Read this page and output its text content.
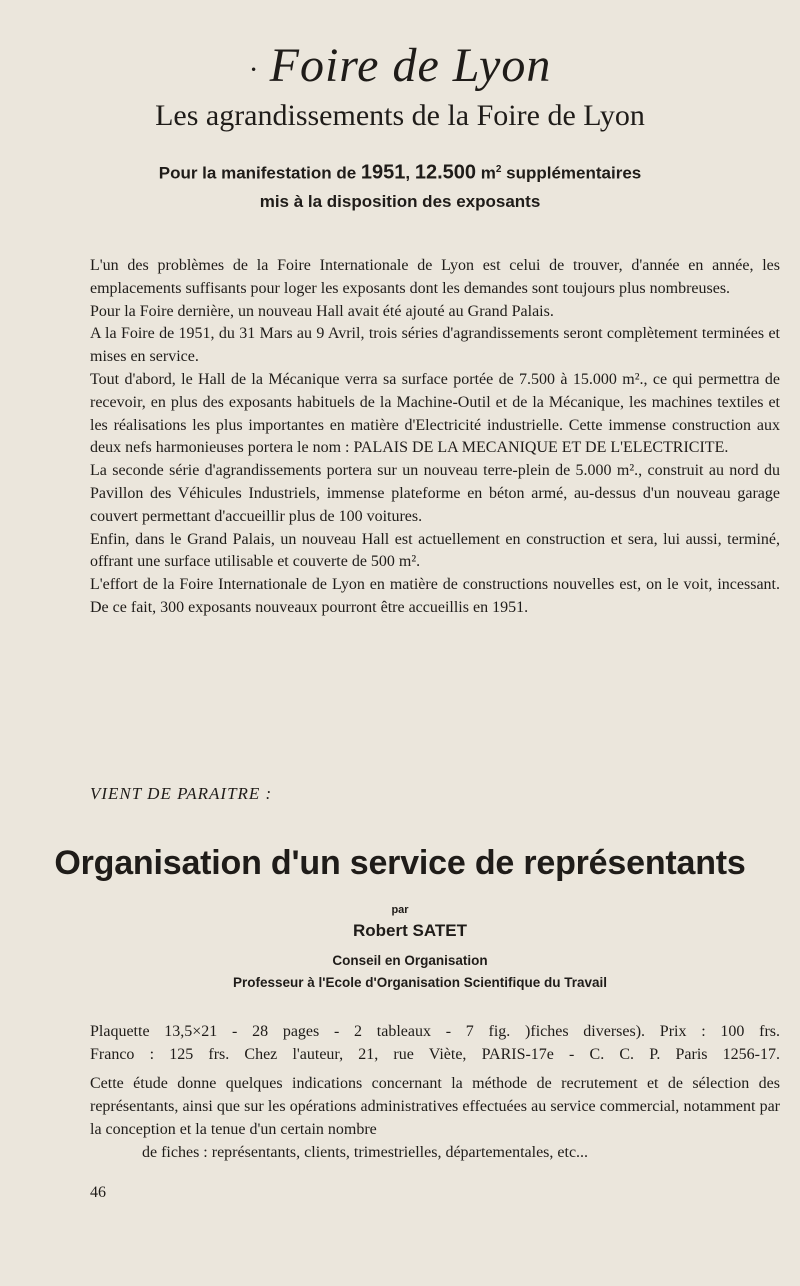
· Foire de Lyon
Les agrandissements de la Foire de Lyon
Pour la manifestation de 1951, 12.500 $m^2$ supplémentaires
mis à la disposition des exposants

L'un des problèmes de la Foire Internationale de Lyon est celui de trouver, d'année en année, les emplacements suffisants pour loger les exposants dont les demandes sont toujours plus nombreuses.

Pour la Foire dernière, un nouveau Hall avait été ajouté au Grand Palais.

A la Foire de 1951, du 31 Mars au 9 Avril, trois séries d'agrandissements seront complètement terminées et mises en service.

Tout d'abord, le Hall de la Mécanique verra sa surface portée de 7.500 à 15.000 m²., ce qui permettra de recevoir, en plus des exposants habituels de la Machine-Outil et de la Mécanique, les machines textiles et les réalisations les plus importantes en matière d'Electricité industrielle. Cette immense construction aux deux nefs harmonieuses portera le nom : PALAIS DE LA MECANIQUE ET DE L'ELECTRICITE.

La seconde série d'agrandissements portera sur un nouveau terre-plein de 5.000 m²., construit au nord du Pavillon des Véhicules Industriels, immense plateforme en béton armé, au-dessus d'un nouveau garage couvert permettant d'accueillir plus de 100 voitures.

Enfin, dans le Grand Palais, un nouveau Hall est actuellement en construction et sera, lui aussi, terminé, offrant une surface utilisable et couverte de 500 m².

L'effort de la Foire Internationale de Lyon en matière de constructions nouvelles est, on le voit, incessant. De ce fait, 300 exposants nouveaux pourront être accueillis en 1951.

VIENT DE PARAITRE :
Organisation d'un service de représentants
par
Robert SATET
Conseil en Organisation
Professeur à l'Ecole d'Organisation Scientifique du Travail

Plaquette 13,5×21 - 28 pages - 2 tableaux - 7 fig. )fiches diverses). Prix : 100 frs.

Franco : 125 frs. Chez l'auteur, 21, rue Viète, PARIS-17e - C. C. P. Paris 1256-17.

Cette étude donne quelques indications concernant la méthode de recrutement et de sélection des représentants, ainsi que sur les opérations administratives effectuées au service commercial, notamment par la conception et la tenue d'un certain nombre

de fiches : représentants, clients, trimestrielles, départementales, etc...

46
